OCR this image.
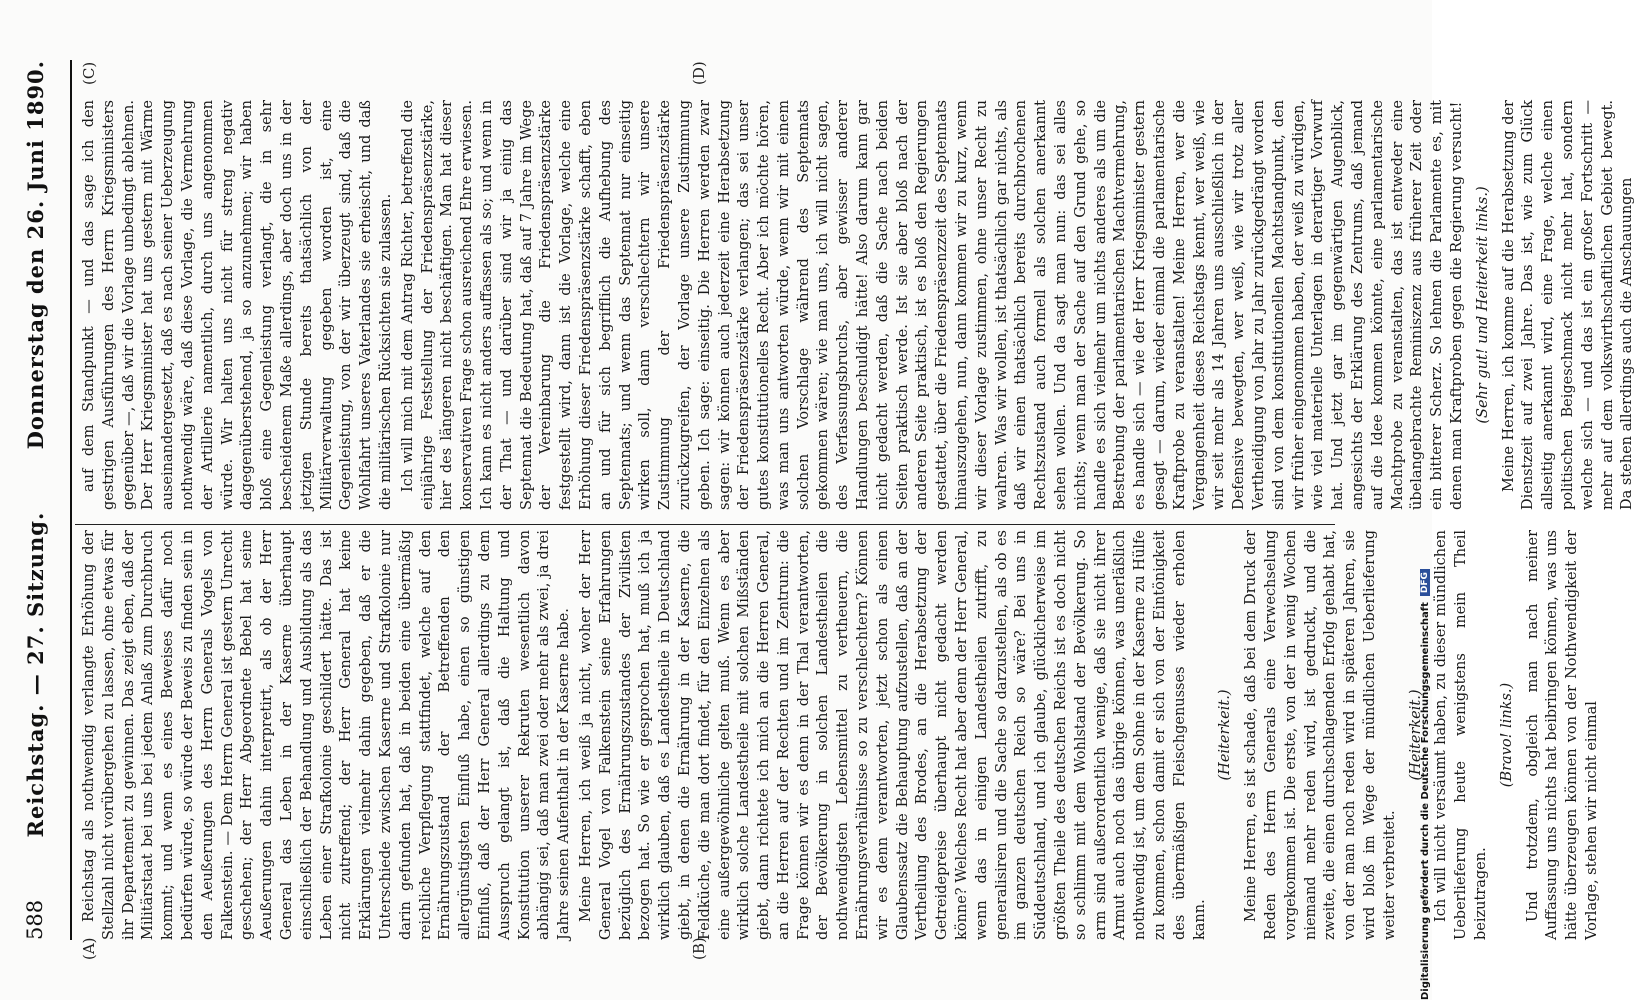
588
Reichstag. — 27. Sitzung.
Donnerstag den 26. Juni 1890.
(A)	(B)
(C)	(D)

Reichstag als nothwendig verlangte Erhöhung der Stellzahl nicht vorübergehen zu lassen, ohne etwas für ihr Departement zu gewinnen. Das zeigt eben, daß der Militärstaat bei uns bei jedem Anlaß zum Durchbruch kommt; und wenn es eines Beweises dafür noch bedürfen würde, so würde der Beweis zu finden sein in den Aeußerungen des Herrn Generals Vogels von Falkenstein. — Dem Herrn General ist gestern Unrecht geschehen; der Herr Abgeordnete Bebel hat seine Aeußerungen dahin interpretirt, als ob der Herr General das Leben in der Kaserne überhaupt einschließlich der Behandlung und Ausbildung als das Leben einer Strafkolonie geschildert hätte. Das ist nicht zutreffend; der Herr General hat keine Erklärungen vielmehr dahin gegeben, daß er die Unterschiede zwischen Kaserne und Strafkolonie nur darin gefunden hat, daß in beiden eine übermäßig reichliche Verpflegung stattfindet, welche auf den Ernährungszustand der Betreffenden den allergünstigsten Einfluß habe, einen so günstigen Einfluß, daß der Herr General allerdings zu dem Ausspruch gelangt ist, daß die Haltung und Konstitution unserer Rekruten wesentlich davon abhängig sei, daß man zwei oder mehr als zwei, ja drei Jahre seinen Aufenthalt in der Kaserne habe. Meine Herren, ich weiß ja nicht, woher der Herr General Vogel von Falkenstein seine Erfahrungen bezüglich des Ernährungszustandes der Zivilisten bezogen hat. So wie er gesprochen hat, muß ich ja wirklich glauben, daß es Landestheile in Deutschland giebt, in denen die Ernährung in der Kaserne, die Feldküche, die man dort findet, für den Einzelnen als eine außergewöhnliche gelten muß. Wenn es aber wirklich solche Landestheile mit solchen Mißständen giebt, dann richtete ich mich an die Herren General, an die Herren auf der Rechten und im Zentrum: die Frage können wir es denn in der Thal verantworten, der Bevölkerung in solchen Landestheilen die nothwendigsten Lebensmittel zu vertheuern, die Ernährungsverhältnisse so zu verschlechtern? Können wir es denn verantworten, jetzt schon als einen Glaubenssatz die Behauptung aufzustellen, daß an der Vertheilung des Brodes, an die Herabsetzung der Getreidepreise überhaupt nicht gedacht werden könne? Welches Recht hat aber denn der Herr General, wenn das in einigen Landestheilen zutrifft, zu generalisiren und die Sache so darzustellen, als ob es im ganzen deutschen Reich so wäre? Bei uns in Süddeutschland, und ich glaube, glücklicherweise im größten Theile des deutschen Reichs ist es doch nicht so schlimm mit dem Wohlstand der Bevölkerung. So arm sind außerordentlich wenige, daß sie nicht ihrer Armut auch noch das übrige können, was unerläßlich nothwendig ist, um dem Sohne in der Kaserne zu Hülfe zu kommen, schon damit er sich von der Eintönigkeit des übermäßigen Fleischgenusses wieder erholen kann.

(Heiterkeit.) Meine Herren, es ist schade, daß bei dem Druck der Reden des Herrn Generals eine Verwechselung vorgekommen ist. Die erste, von der in wenig Wochen niemand mehr reden wird, ist gedruckt, und die zweite, die einen durchschlagenden Erfolg gehabt hat, von der man noch reden wird in späteren Jahren, sie wird bloß im Wege der mündlichen Ueberlieferung weiter verbreitet.

(Heiterkeit.) Ich will nicht versäumt haben, zu dieser mündlichen Ueberlieferung heute wenigstens mein Theil beizutragen.

(Bravo! links.) Und trotzdem, obgleich man nach meiner Auffassung uns nichts hat beibringen können, was uns hätte überzeugen können von der Nothwendigkeit der Vorlage, stehen wir nicht einmal

auf dem Standpunkt — und das sage ich den gestrigen Ausführungen des Herrn Kriegsministers gegenüber —, daß wir die Vorlage unbedingt ablehnen. Der Herr Kriegsminister hat uns gestern mit Wärme auseinandergesetzt, daß es nach seiner Ueberzeugung nothwendig wäre, daß diese Vorlage, die Vermehrung der Artillerie namentlich, durch uns angenommen würde. Wir halten uns nicht für streng negativ dagegenüberstehend, ja so anzunehmen; wir haben bloß eine Gegenleistung verlangt, die in sehr bescheidenem Maße allerdings, aber doch uns in der jetzigen Stunde bereits thatsächlich von der Militärverwaltung gegeben worden ist, eine Gegenleistung, von der wir überzeugt sind, daß die Wohlfahrt unseres Vaterlandes sie erheischt, und daß die militärischen Rücksichten sie zulassen. Ich will mich mit dem Antrag Richter, betreffend die einjährige Feststellung der Friedenspräsenzstärke, hier des längeren nicht beschäftigen. Man hat dieser konservativen Frage schon ausreichend Ehre erwiesen. Ich kann es nicht anders auffassen als so; und wenn in der That — und darüber sind wir ja einig das Septennat die Bedeutung hat, daß auf 7 Jahre im Wege der Vereinbarung die Friedenspräsenzstärke festgestellt wird, dann ist die Vorlage, welche eine Erhöhung dieser Friedenspräsenzstärke schafft, eben an und für sich begrifflich die Aufhebung des Septennats; und wenn das Septennat nur einseitig wirken soll, dann verschlechtern wir unsere Zustimmung der Friedenspräsenzstärke zurückzugreifen, der Vorlage unsere Zustimmung geben. Ich sage: einseitig. Die Herren werden zwar sagen: wir können auch jederzeit eine Herabsetzung der Friedenspräsenzstärke verlangen; das sei unser gutes konstitutionelles Recht. Aber ich möchte hören, was man uns antworten würde, wenn wir mit einem solchen Vorschlage während des Septennats gekommen wären; wie man uns, ich will nicht sagen, des Verfassungsbruchs, aber gewisser anderer Handlungen beschuldigt hätte! Also darum kann gar nicht gedacht werden, daß die Sache nach beiden Seiten praktisch werde. Ist sie aber bloß nach der anderen Seite praktisch, ist es bloß den Regierungen gestattet, über die Friedenspräsenzzeit des Septennats hinauszugehen, nun, dann kommen wir zu kurz, wenn wir dieser Vorlage zustimmen, ohne unser Recht zu wahren. Was wir wollen, ist thatsächlich gar nichts, als daß wir einen thatsächlich bereits durchbrochenen Rechtszustand auch formell als solchen anerkannt sehen wollen. Und da sagt man nun: das sei alles nichts; wenn man der Sache auf den Grund gehe, so handle es sich vielmehr um nichts anderes als um die Bestrebung der parlamentarischen Machtvermehrung, es handle sich — wie der Herr Kriegsminister gestern gesagt — darum, wieder einmal die parlamentarische Kraftprobe zu veranstalten! Meine Herren, wer die Vergangenheit dieses Reichstags kennt, wer weiß, wie wir seit mehr als 14 Jahren uns ausschließlich in der Defensive bewegten, wer weiß, wie wir trotz aller Vertheidigung von Jahr zu Jahr zurückgedrängt worden sind von dem konstitutionellen Machtstandpunkt, den wir früher eingenommen haben, der weiß zu würdigen, wie viel materielle Unterlagen in derartiger Vorwurf hat. Und jetzt gar im gegenwärtigen Augenblick, angesichts der Erklärung des Zentrums, daß jemand auf die Idee kommen könnte, eine parlamentarische Machtprobe zu veranstalten, das ist entweder eine übelangebrachte Reminiszenz aus früherer Zeit oder ein bitterer Scherz. So lehnen die Parlamente es, mit denen man Kraftproben gegen die Regierung versucht! (Sehr gut! und Heiterkeit links.) Meine Herren, ich komme auf die Herabsetzung der Dienstzeit auf zwei Jahre. Das ist, wie zum Glück allseitig anerkannt wird, eine Frage, welche einen politischen Beigeschmack nicht mehr hat, sondern welche sich — und das ist ein großer Fortschritt — mehr auf dem volkswirthschaftlichen Gebiet bewegt. Da stehen allerdings auch die Anschauungen

Digitalisierung gefördert durch die Deutsche Forschungsgemeinschaft
DFG
